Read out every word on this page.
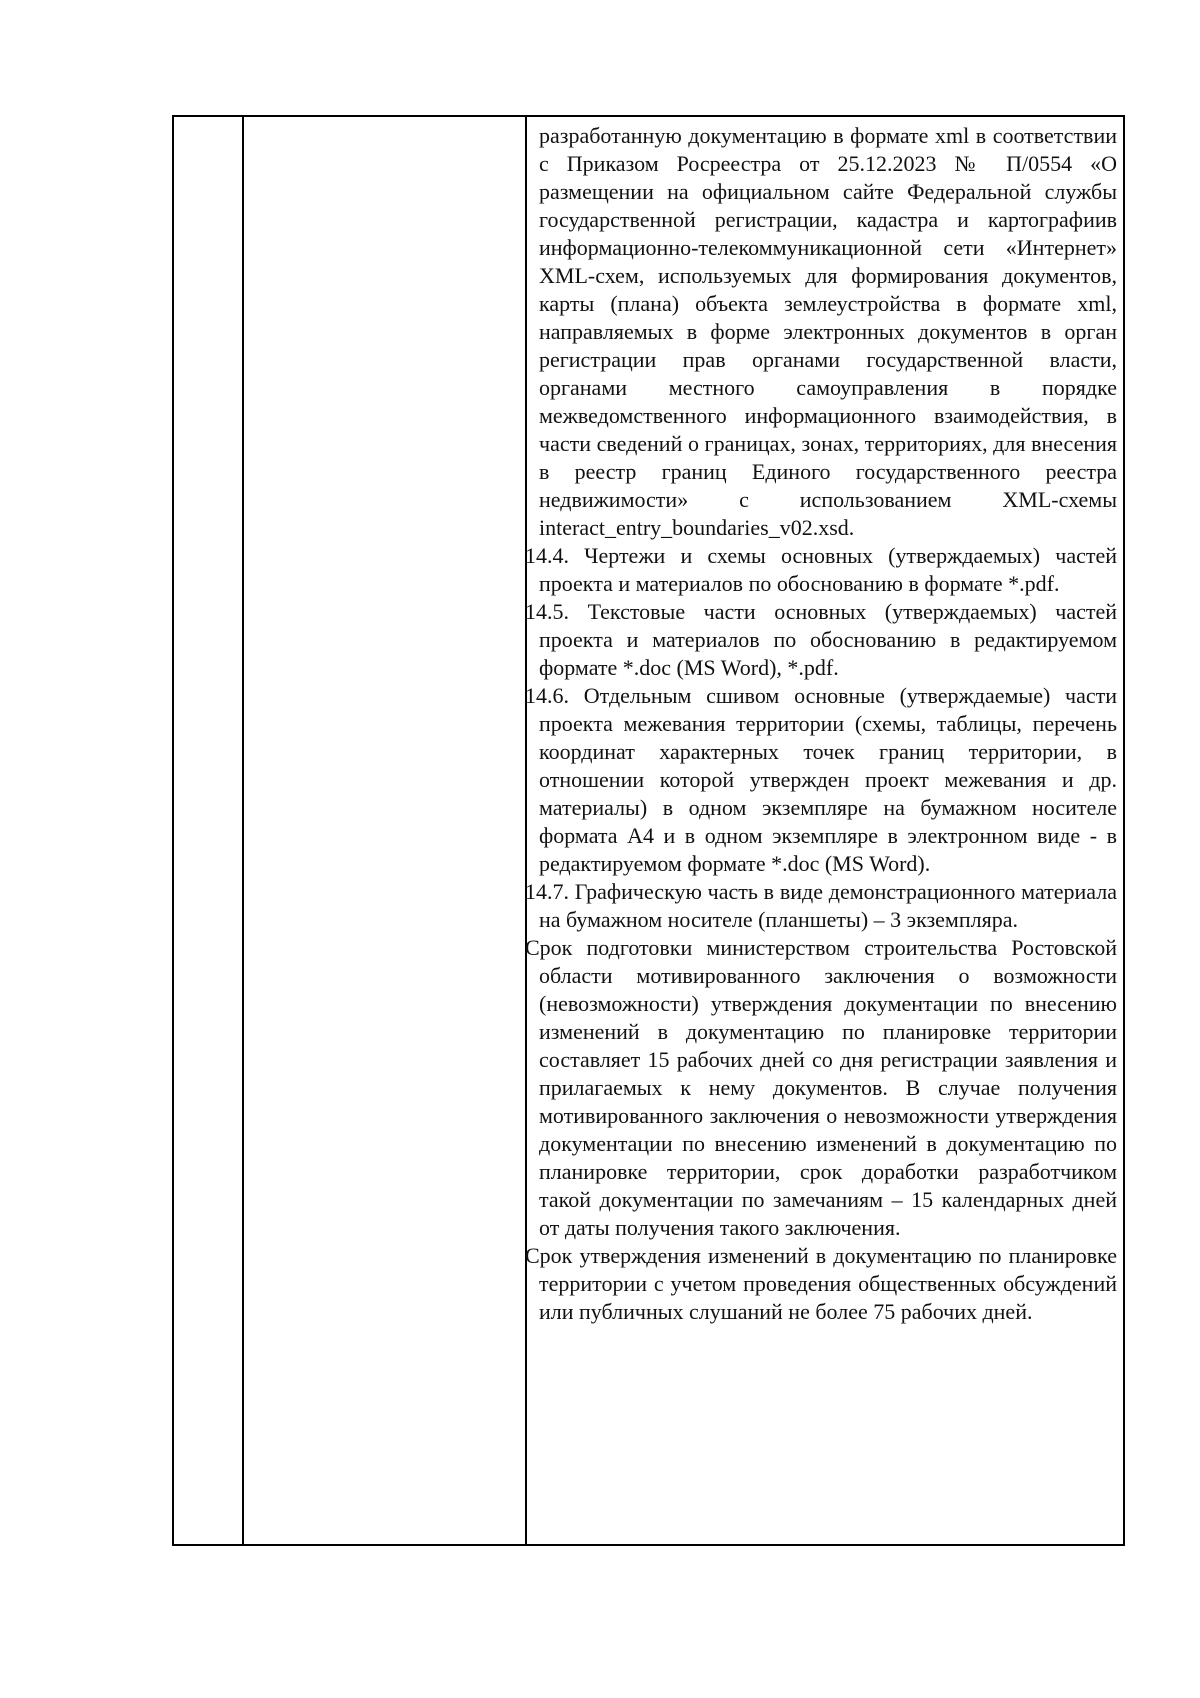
разработанную документацию в формате xml в соответствии с Приказом Росреестра от 25.12.2023 № П/0554 «О размещении на официальном сайте Федеральной службы государственной регистрации, кадастра и картографиив информационно-телекоммуникационной сети «Интернет» XML-схем, используемых для формирования документов, карты (плана) объекта землеустройства в формате xml, направляемых в форме электронных документов в орган регистрации прав органами государственной власти, органами местного самоуправления в порядке межведомственного информационного взаимодействия, в части сведений о границах, зонах, территориях, для внесения в реестр границ Единого государственного реестра недвижимости» с использованием XML-схемы interact_entry_boundaries_v02.xsd.

14.4. Чертежи и схемы основных (утверждаемых) частей проекта и материалов по обоснованию в формате *.pdf.

14.5. Текстовые части основных (утверждаемых) частей проекта и материалов по обоснованию в редактируемом формате *.doc (MS Word), *.pdf.

14.6. Отдельным сшивом основные (утверждаемые) части проекта межевания территории (схемы, таблицы, перечень координат характерных точек границ территории, в отношении которой утвержден проект межевания и др. материалы) в одном экземпляре на бумажном носителе формата А4 и в одном экземпляре в электронном виде - в редактируемом формате *.doc (MS Word).

14.7. Графическую часть в виде демонстрационного материала на бумажном носителе (планшеты) – 3 экземпляра.

Срок подготовки министерством строительства Ростовской области мотивированного заключения о возможности (невозможности) утверждения документации по внесению изменений в документацию по планировке территории составляет 15 рабочих дней со дня регистрации заявления и прилагаемых к нему документов. В случае получения мотивированного заключения о невозможности утверждения документации по внесению изменений в документацию по планировке территории, срок доработки разработчиком такой документации по замечаниям – 15 календарных дней от даты получения такого заключения.

Срок утверждения изменений в документацию по планировке территории с учетом проведения общественных обсуждений или публичных слушаний не более 75 рабочих дней.
